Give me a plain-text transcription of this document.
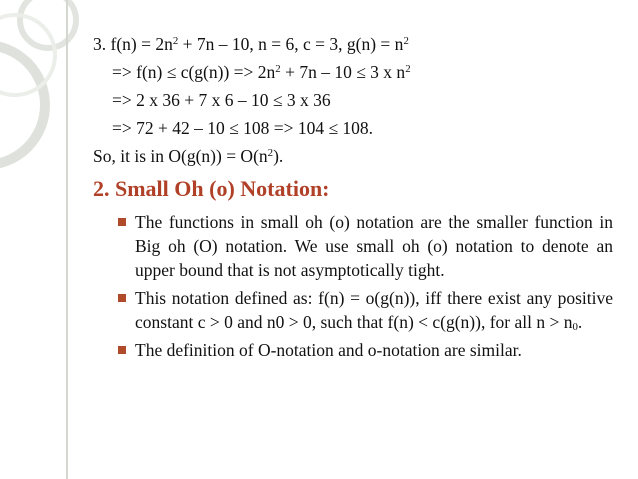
3. $f(n) = 2n^2 + 7n - 10$, n = 6, c = 3, $g(n) = n^2$
=> $f(n) \le c(g(n)) => 2n^2 + 7n - 10 \le 3$ x $n^2$
=> 2 x 36 + 7 x 6 – 10 ≤ 3 x 36
=> 72 + 42 – 10 ≤ 108 => 104 ≤ 108.
So, it is in $O(g(n)) = O(n^2)$.
2. Small Oh (o) Notation:
The functions in small oh (o) notation are the smaller function in Big oh (O) notation. We use small oh (o) notation to denote an upper bound that is not asymptotically tight.
This notation defined as: f(n) = o(g(n)), iff there exist any positive constant c > 0 and n0 > 0, such that f(n) < c(g(n)), for all $n > n_0$.
The definition of O-notation and o-notation are similar.
